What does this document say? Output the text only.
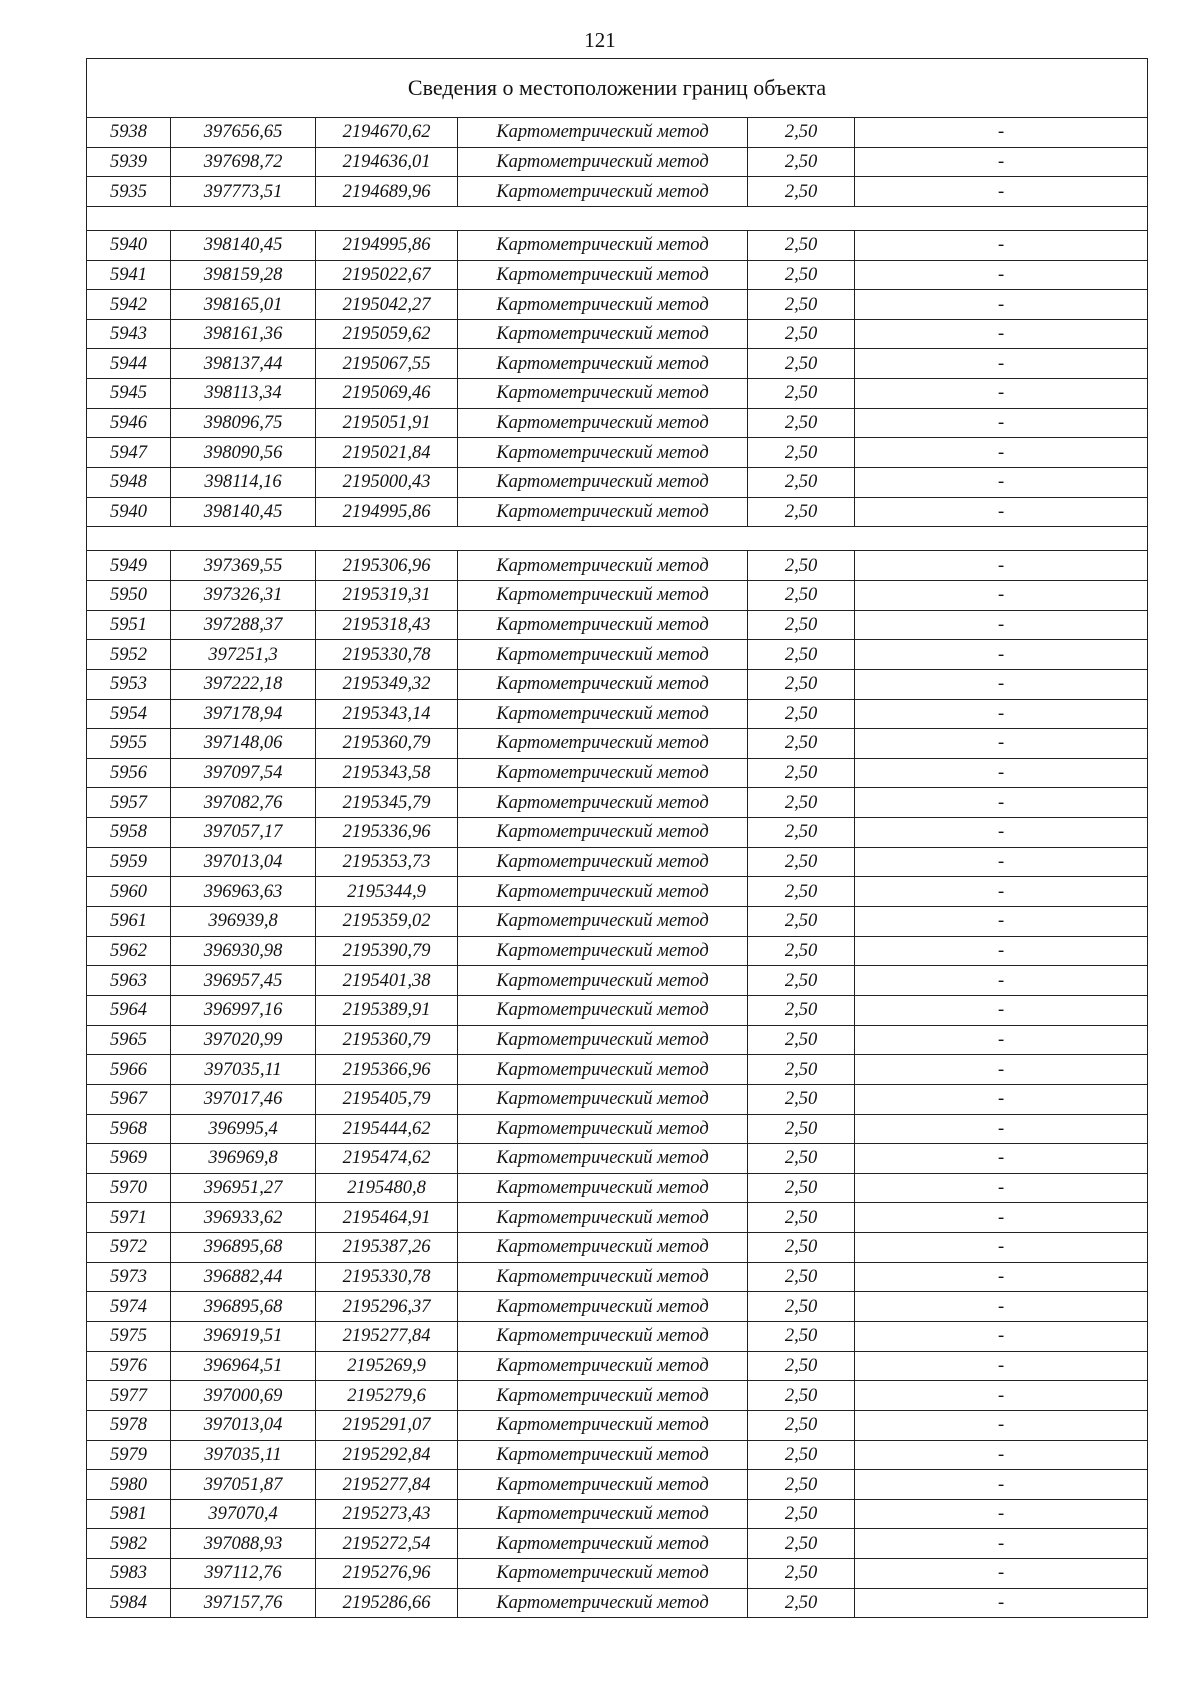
121
Сведения о местоположении границ объекта					
5938	397656,65	2194670,62	Картометрический метод	2,50	-
5939	397698,72	2194636,01	Картометрический метод	2,50	-
5935	397773,51	2194689,96	Картометрический метод	2,50	-

5940	398140,45	2194995,86	Картометрический метод	2,50	-
5941	398159,28	2195022,67	Картометрический метод	2,50	-
5942	398165,01	2195042,27	Картометрический метод	2,50	-
5943	398161,36	2195059,62	Картометрический метод	2,50	-
5944	398137,44	2195067,55	Картометрический метод	2,50	-
5945	398113,34	2195069,46	Картометрический метод	2,50	-
5946	398096,75	2195051,91	Картометрический метод	2,50	-
5947	398090,56	2195021,84	Картометрический метод	2,50	-
5948	398114,16	2195000,43	Картометрический метод	2,50	-
5940	398140,45	2194995,86	Картометрический метод	2,50	-

5949	397369,55	2195306,96	Картометрический метод	2,50	-
5950	397326,31	2195319,31	Картометрический метод	2,50	-
5951	397288,37	2195318,43	Картометрический метод	2,50	-
5952	397251,3	2195330,78	Картометрический метод	2,50	-
5953	397222,18	2195349,32	Картометрический метод	2,50	-
5954	397178,94	2195343,14	Картометрический метод	2,50	-
5955	397148,06	2195360,79	Картометрический метод	2,50	-
5956	397097,54	2195343,58	Картометрический метод	2,50	-
5957	397082,76	2195345,79	Картометрический метод	2,50	-
5958	397057,17	2195336,96	Картометрический метод	2,50	-
5959	397013,04	2195353,73	Картометрический метод	2,50	-
5960	396963,63	2195344,9	Картометрический метод	2,50	-
5961	396939,8	2195359,02	Картометрический метод	2,50	-
5962	396930,98	2195390,79	Картометрический метод	2,50	-
5963	396957,45	2195401,38	Картометрический метод	2,50	-
5964	396997,16	2195389,91	Картометрический метод	2,50	-
5965	397020,99	2195360,79	Картометрический метод	2,50	-
5966	397035,11	2195366,96	Картометрический метод	2,50	-
5967	397017,46	2195405,79	Картометрический метод	2,50	-
5968	396995,4	2195444,62	Картометрический метод	2,50	-
5969	396969,8	2195474,62	Картометрический метод	2,50	-
5970	396951,27	2195480,8	Картометрический метод	2,50	-
5971	396933,62	2195464,91	Картометрический метод	2,50	-
5972	396895,68	2195387,26	Картометрический метод	2,50	-
5973	396882,44	2195330,78	Картометрический метод	2,50	-
5974	396895,68	2195296,37	Картометрический метод	2,50	-
5975	396919,51	2195277,84	Картометрический метод	2,50	-
5976	396964,51	2195269,9	Картометрический метод	2,50	-
5977	397000,69	2195279,6	Картометрический метод	2,50	-
5978	397013,04	2195291,07	Картометрический метод	2,50	-
5979	397035,11	2195292,84	Картометрический метод	2,50	-
5980	397051,87	2195277,84	Картометрический метод	2,50	-
5981	397070,4	2195273,43	Картометрический метод	2,50	-
5982	397088,93	2195272,54	Картометрический метод	2,50	-
5983	397112,76	2195276,96	Картометрический метод	2,50	-
5984	397157,76	2195286,66	Картометрический метод	2,50	-
